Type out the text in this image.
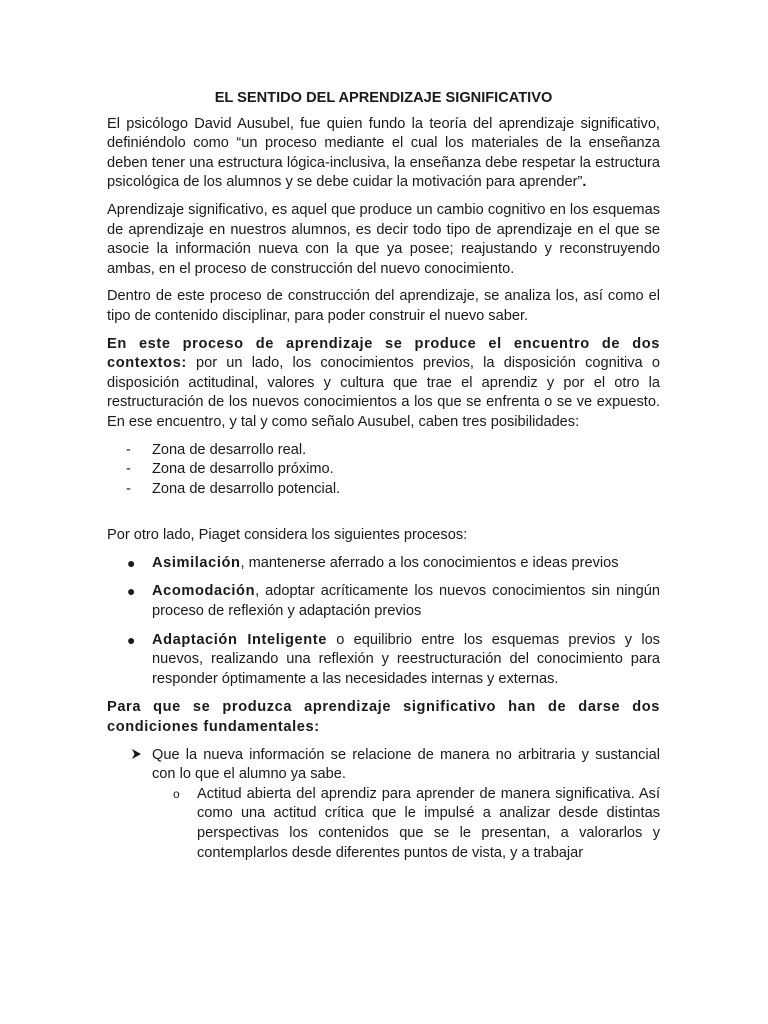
EL SENTIDO DEL APRENDIZAJE SIGNIFICATIVO

El psicólogo David Ausubel, fue quien fundo la teoría del aprendizaje significativo, definiéndolo como “un proceso mediante el cual los materiales de la enseñanza deben tener una estructura lógica-inclusiva, la enseñanza debe respetar la estructura psicológica de los alumnos y se debe cuidar la motivación para aprender”.

Aprendizaje significativo, es aquel que produce un cambio cognitivo en los esquemas de aprendizaje en nuestros alumnos, es decir todo tipo de aprendizaje en el que se asocie la información nueva con la que ya posee; reajustando y reconstruyendo ambas, en el proceso de construcción del nuevo conocimiento.

Dentro de este proceso de construcción del aprendizaje, se analiza los, así como el tipo de contenido disciplinar, para poder construir el nuevo saber.

En este proceso de aprendizaje se produce el encuentro de dos contextos: por un lado, los conocimientos previos, la disposición cognitiva o disposición actitudinal, valores y cultura que trae el aprendiz y por el otro la restructuración de los nuevos conocimientos a los que se enfrenta o se ve expuesto. En ese encuentro, y tal y como señalo Ausubel, caben tres posibilidades:

- Zona de desarrollo real.
- Zona de desarrollo próximo.
- Zona de desarrollo potencial.

Por otro lado, Piaget considera los siguientes procesos:

● Asimilación, mantenerse aferrado a los conocimientos e ideas previos
● Acomodación, adoptar acríticamente los nuevos conocimientos sin ningún proceso de reflexión y adaptación previos
● Adaptación Inteligente o equilibrio entre los esquemas previos y los nuevos, realizando una reflexión y reestructuración del conocimiento para responder óptimamente a las necesidades internas y externas.
Para que se produzca aprendizaje significativo han de darse dos condiciones fundamentales:
Que la nueva información se relacione de manera no arbitraria y sustancial con lo que el alumno ya sabe.
o Actitud abierta del aprendiz para aprender de manera significativa. Así como una actitud crítica que le impulsé a analizar desde distintas perspectivas los contenidos que se le presentan, a valorarlos y contemplarlos desde diferentes puntos de vista, y a trabajar
